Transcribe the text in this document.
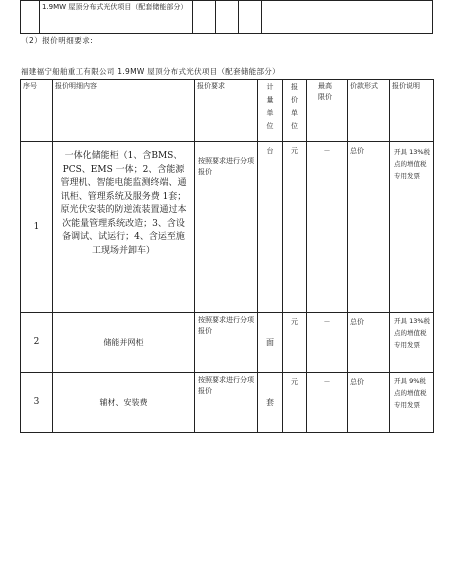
	1.9MW 屋顶分布式光伏项目（配套储能部分）				
（2）报价明细要求:
福建福宁船舶重工有限公司 1.9MW 屋顶分布式光伏项目（配套储能部分）
序号	报价明细内容	报价要求	计量单位	报价单位	最高限价	价款形式	报价说明
1	一体化储能柜（1、含BMS、PCS、EMS 一体；2、含能源管理机、智能电能监测终端、通讯柜、管理系统及服务费 1套；原光伏安装的防逆流装置通过本次能量管理系统改造；3、含设备调试、试运行；4、含运至施工现场并卸车）	按照要求进行分项报价	台	元	－	总价	开具 13%税点的增值税专用发票
2	储能并网柜	按照要求进行分项报价	面	元	－	总价	开具 13%税点的增值税专用发票
3	辅材、安装费	按照要求进行分项报价	套	元	－	总价	开具 9%税点的增值税专用发票
